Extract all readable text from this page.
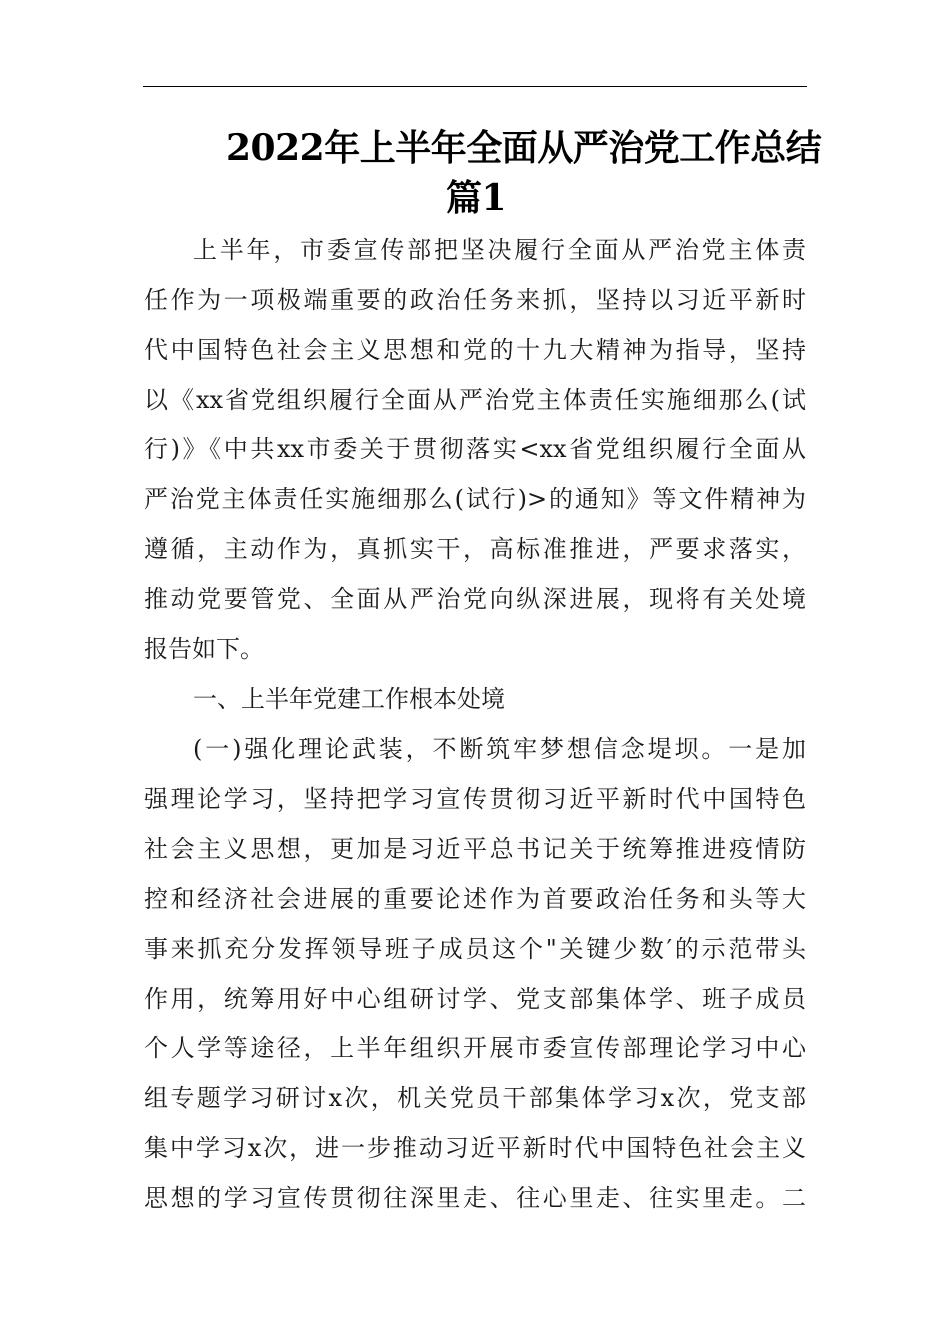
2022年上半年全面从严治党工作总结
篇1
上半年，市委宣传部把坚决履行全面从严治党主体责
任作为一项极端重要的政治任务来抓，坚持以习近平新时
代中国特色社会主义思想和党的十九大精神为指导，坚持
以《xx省党组织履行全面从严治党主体责任实施细那么(试
行)》《中共xx市委关于贯彻落实<xx省党组织履行全面从
严治党主体责任实施细那么(试行)>的通知》等文件精神为
遵循，主动作为，真抓实干，高标准推进，严要求落实，
推动党要管党、全面从严治党向纵深进展，现将有关处境
报告如下。
一、上半年党建工作根本处境
(一)强化理论武装，不断筑牢梦想信念堤坝。一是加
强理论学习，坚持把学习宣传贯彻习近平新时代中国特色
社会主义思想，更加是习近平总书记关于统筹推进疫情防
控和经济社会进展的重要论述作为首要政治任务和头等大
事来抓充分发挥领导班子成员这个"关键少数′的示范带头
作用，统筹用好中心组研讨学、党支部集体学、班子成员
个人学等途径，上半年组织开展市委宣传部理论学习中心
组专题学习研讨x次，机关党员干部集体学习x次，党支部
集中学习x次，进一步推动习近平新时代中国特色社会主义
思想的学习宣传贯彻往深里走、往心里走、往实里走。二
